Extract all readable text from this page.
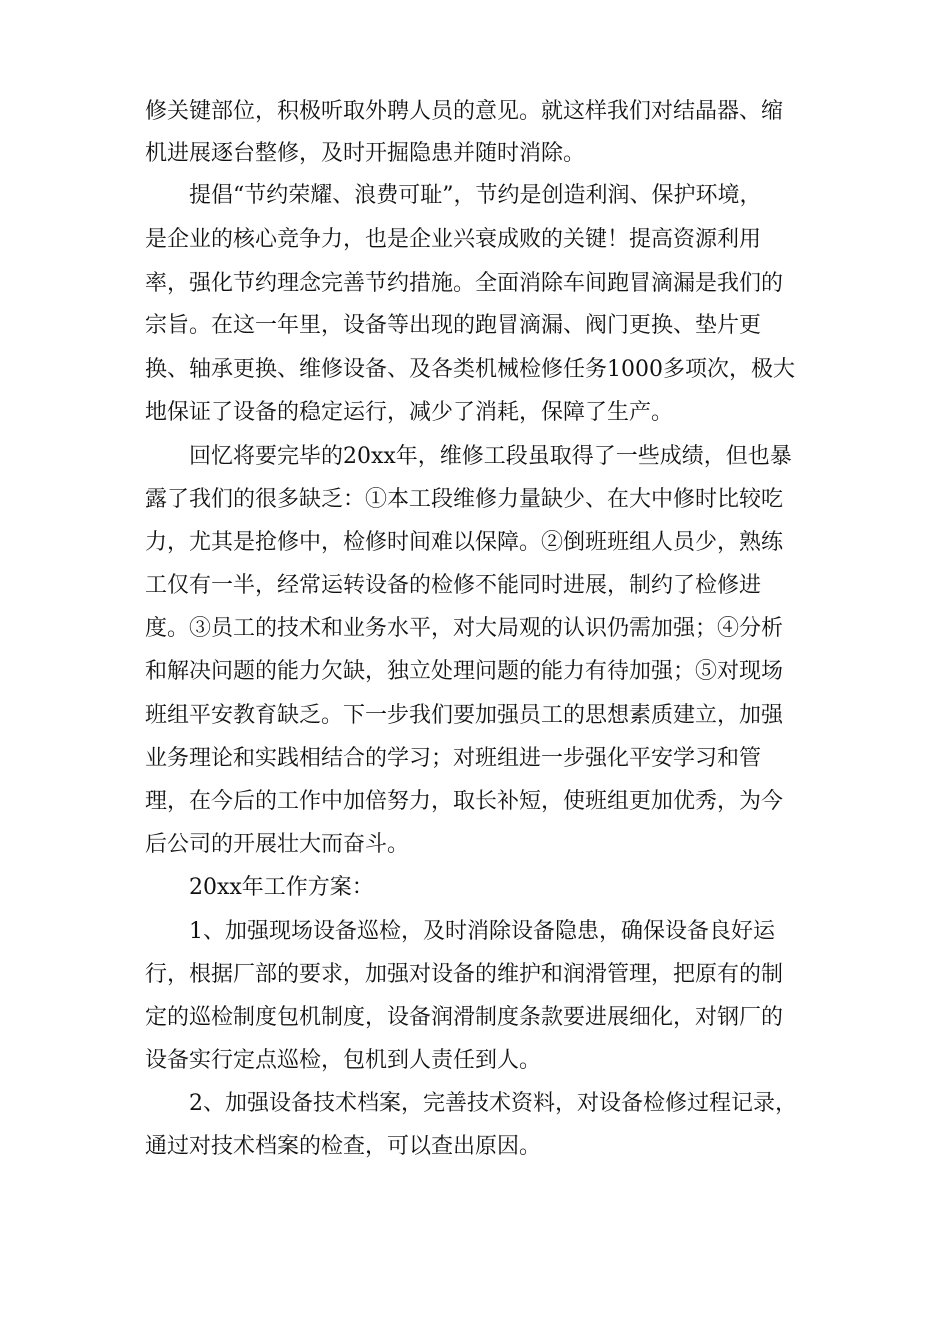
修关键部位，积极听取外聘人员的意见。就这样我们对结晶器、缩
机进展逐台整修，及时开掘隐患并随时消除。
提倡“节约荣耀、浪费可耻”，节约是创造利润、保护环境，
是企业的核心竞争力，也是企业兴衰成败的关键！提高资源利用
率，强化节约理念完善节约措施。全面消除车间跑冒滴漏是我们的
宗旨。在这一年里，设备等出现的跑冒滴漏、阀门更换、垫片更
换、轴承更换、维修设备、及各类机械检修任务1000多项次，极大
地保证了设备的稳定运行，减少了消耗，保障了生产。
回忆将要完毕的20xx年，维修工段虽取得了一些成绩，但也暴
露了我们的很多缺乏：①本工段维修力量缺少、在大中修时比较吃
力，尤其是抢修中，检修时间难以保障。②倒班班组人员少，熟练
工仅有一半，经常运转设备的检修不能同时进展，制约了检修进
度。③员工的技术和业务水平，对大局观的认识仍需加强；④分析
和解决问题的能力欠缺，独立处理问题的能力有待加强；⑤对现场
班组平安教育缺乏。下一步我们要加强员工的思想素质建立，加强
业务理论和实践相结合的学习；对班组进一步强化平安学习和管
理，在今后的工作中加倍努力，取长补短，使班组更加优秀，为今
后公司的开展壮大而奋斗。
20xx年工作方案：
1、加强现场设备巡检，及时消除设备隐患，确保设备良好运
行，根据厂部的要求，加强对设备的维护和润滑管理，把原有的制
定的巡检制度包机制度，设备润滑制度条款要进展细化，对钢厂的
设备实行定点巡检，包机到人责任到人。
2、加强设备技术档案，完善技术资料，对设备检修过程记录，
通过对技术档案的检查，可以查出原因。
